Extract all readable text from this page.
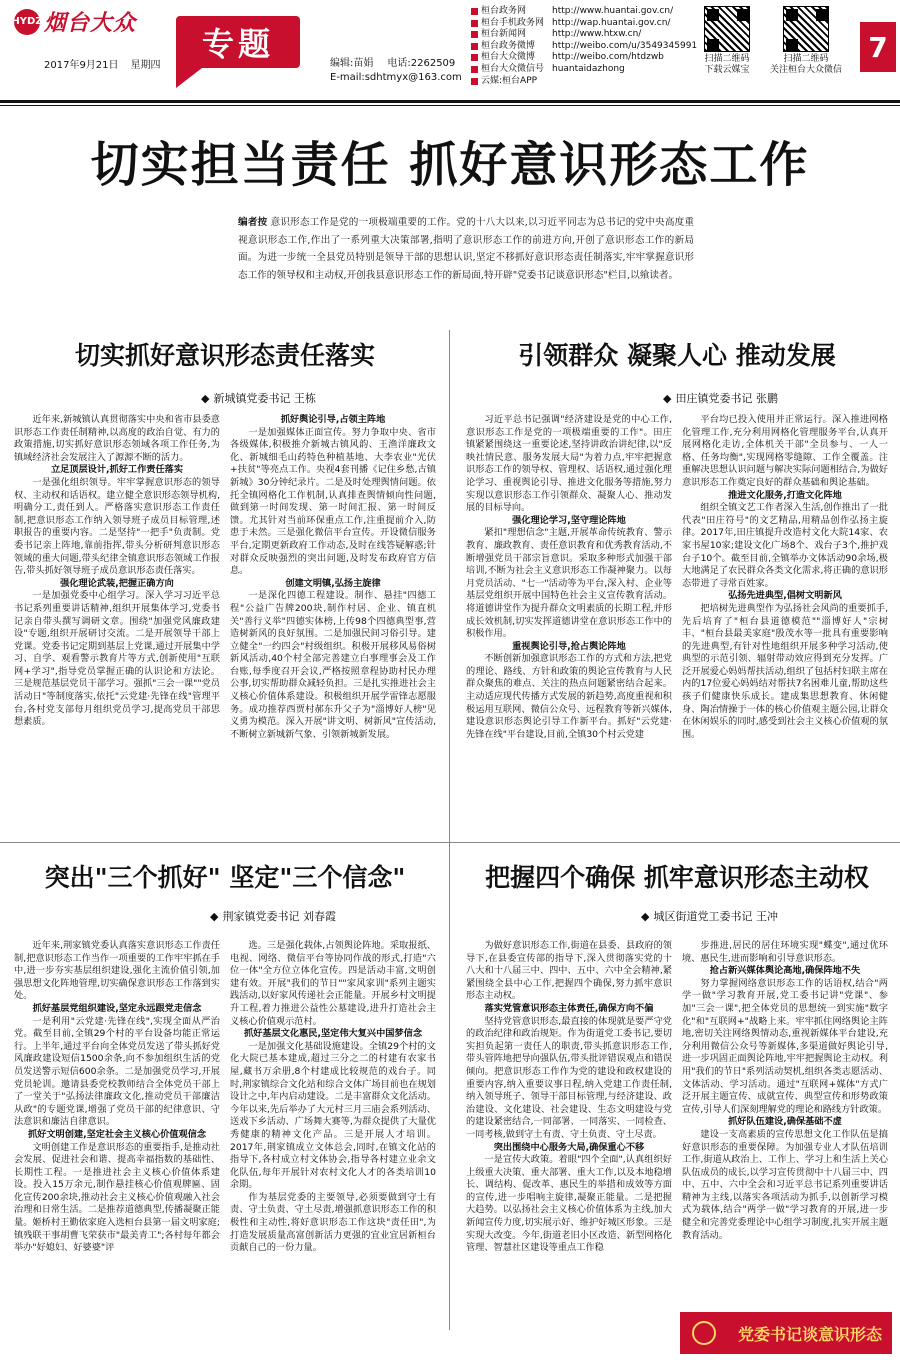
HYDZ 烟台大众
2017年9月21日 星期四
专题
编辑:苗娟 电话:2262509
E-mail:sdhtmyx@163.com
桓台政务网	http://www.huantai.gov.cn/
桓台手机政务网 http://wap.huantai.gov.cn/
桓台新闻网	http://www.htxw.cn/
桓台政务微博	http://weibo.com/u/3549345991
桓台大众微博	http://weibo.com/htdzwb
桓台大众微信号 huantaidazhong
云媒:桓台APP
扫描二维码
下载云媒宝
扫描二维码
关注桓台大众微信
7
切实担当责任 抓好意识形态工作
编者按 意识形态工作是党的一项极端重要的工作。党的十八大以来,以习近平同志为总书记的党中央高度重视意识形态工作,作出了一系列重大决策部署,指明了意识形态工作的前进方向,开创了意识形态工作的新局面。为进一步统一全县党员特别是领导干部的思想认识,坚定不移抓好意识形态责任制落实,牢牢掌握意识形态工作的领导权和主动权,开创我县意识形态工作的新局面,特开辟"党委书记谈意识形态"栏目,以飨读者。
切实抓好意识形态责任落实
◆ 新城镇党委书记 王栋

近年来,新城镇认真贯彻落实中央和省市县委意识形态工作责任制精神,以高度的政治自觉、有力的政策措施,切实抓好意识形态领域各项工作任务,为镇域经济社会发展注入了源源不断的活力。

立足顶层设计,抓好工作责任落实

一是强化组织领导。牢牢掌握意识形态的领导权、主动权和话语权。建立健全意识形态领导机构,明确分工,责任到人。严格落实意识形态工作责任制,把意识形态工作纳入领导班子成员目标管理,述职报告的重要内容。二是坚持"一把手"负责制。党委书记亲上阵地,靠前指挥,带头分析研判意识形态领域的重大问题,带头纪律全镇意识形态领域工作报告,带头抓好领导班子成员意识形态责任落实。

强化理论武装,把握正确方向

一是加强党委中心组学习。深入学习习近平总书记系列重要讲话精神,组织开展集体学习,党委书记亲自带头撰写调研文章。围绕"加强党风廉政建设"专题,组织开展研讨交流。二是开展领导干部上党课。党委书记定期到基层上党课,通过开展集中学习、自学、观看警示教育片等方式,创新使用"互联网+学习",指导党员掌握正确的认识论和方法论。三是规范基层党员干部学习。强抓"三会一课""党员活动日"等制度落实,依托"云党建·先锋在线"管理平台,各村党支部每月组织党员学习,提高党员干部思想素质。

抓好舆论引导,占领主阵地

一是加强媒体正面宣传。努力争取中央、省市各级媒体,积极推介新城古镇风韵、王渔洋廉政文化、新城细毛山药特色种植基地、大李农业"光伏+扶贫"等亮点工作。央视4套刊播《记住乡愁,古镇新城》30分钟纪录片。二是及时处理舆情问题。依托全镇网格化工作机制,认真排查舆情倾向性问题,做到第一时间发现、第一时间汇报、第一时间反馈。尤其针对当前环保重点工作,注重提前介入,防患于未然。三是强化微信平台宣传。开设微信服务平台,定期更新政府工作动态,及时在线答疑解惑;针对群众反映强烈的突出问题,及时发布政府官方信息。

创建文明镇,弘扬主旋律

一是深化四德工程建设。制作、悬挂"四德工程"公益广告牌200块,制作村居、企业、镇直机关"善行义举"四德实体榜,上传98个四德典型事,营造树新风的良好氛围。二是加强民间习俗引导。建立健全"一约四会"村级组织。积极开展移风易俗树新风活动,40个村全部完善建立白事理事会及工作台账,每季度召开会议,严格按照章程协助村民办理公事,切实帮助群众减轻负担。三是扎实推进社会主义核心价值体系建设。积极组织开展学雷锋志愿服务。成功推荐西贾村郝东升父子为"淄博好人榜"见义勇为模范。深入开展"讲文明、树新风"宣传活动,不断树立新城新气象、引领新城新发展。

引领群众 凝聚人心 推动发展
◆ 田庄镇党委书记 张鹏

习近平总书记强调"经济建设是党的中心工作,意识形态工作是党的一项极端重要的工作"。田庄镇紧紧围绕这一重要论述,坚持讲政治讲纪律,以"反映社情民意、服务发展大局"为着力点,牢牢把握意识形态工作的领导权、管理权、话语权,通过强化理论学习、重视舆论引导、推进文化服务等措施,努力实现以意识形态工作引领群众、凝聚人心、推动发展的目标导向。

强化理论学习,坚守理论阵地

紧扣"理想信念"主题,开展革命传统教育、警示教育、廉政教育、责任意识教育和优秀教育活动,不断增强党员干部宗旨意识。采取多种形式加强干部培训,不断为社会主义意识形态工作凝神聚力。以每月党员活动、"七一"活动等为平台,深入村、企业等基层党组织开展中国特色社会主义宣传教育活动。将道德讲堂作为提升群众文明素质的长期工程,并形成长效机制,切实发挥道德讲堂在意识形态工作中的积极作用。

重视舆论引导,抢占舆论阵地

不断创新加强意识形态工作的方式和方法,把党的理论、路线、方针和政策的舆论宣传教育与人民群众聚焦的难点、关注的热点问题紧密结合起来。主动适应现代传播方式发展的新趋势,高度重视和积极运用互联网、微信公众号、远程教育等新兴媒体,建设意识形态舆论引导工作新平台。抓好"云党建·先锋在线"平台建设,目前,全镇30个村云党建

平台均已投入使用并正常运行。深入推进网格化管理工作,充分利用网格化管理服务平台,认真开展网格化走访,全体机关干部"全员参与、一人一格、任务均衡",实现网格零缝隙、工作全覆盖。注重解决思想认识问题与解决实际问题相结合,为做好意识形态工作奠定良好的群众基础和舆论基础。

推进文化服务,打造文化阵地

组织全镇文艺工作者深入生活,创作推出了一批代表"田庄符号"的文艺精品,用精品创作弘扬主旋律。2017年,田庄镇提升改造村文化大院14家、农家书屋10家;建设文化广场8个、戏台子3个,推护戏台子10个。截至目前,全镇举办文体活动90余场,极大地满足了农民群众各类文化需求,将正确的意识形态带进了寻常百姓家。

弘扬先进典型,倡树文明新风

把培树先进典型作为弘扬社会风尚的重要抓手,先后培育了"桓台县道德模范""淄博好人"宗树丰、"桓台县最美家庭"殷茂水等一批具有重要影响的先进典型,有针对性地组织开展多种学习活动,使典型的示范引领、辐射带动效应得到充分发挥。广泛开展爱心妈妈帮扶活动,组织了包括村妇联主席在内的17位爱心妈妈结对帮扶7名困难儿童,帮助这些孩子们健康快乐成长。建成集思想教育、休闲健身、陶冶情操于一体的核心价值观主题公园,让群众在休闲娱乐的同时,感受到社会主义核心价值观的氛围。

突出"三个抓好" 坚定"三个信念"
◆ 荆家镇党委书记 刘春霞

近年来,荆家镇党委认真落实意识形态工作责任制,把意识形态工作当作一项重要的工作牢牢抓在手中,进一步夯实基层组织建设,强化主流价值引领,加强思想文化阵地管理,切实确保意识形态工作落到实处。

抓好基层党组织建设,坚定永远跟党走信念

一是利用"云党建·先锋在线",实现全面从严治党。截至目前,全镇29个村的平台设备均能正常运行。上半年,通过平台向全体党员发送了带头抓好党风廉政建设短信1500余条,向不参加组织生活的党员发送警示短信600余条。二是加强党员学习,开展党员轮训。邀请县委党校教师结合全体党员干部上了一堂关于"弘扬法律廉政文化,推动党员干部廉洁从政"的专题党课,增强了党员干部的纪律意识、守法意识和廉洁自律意识。

抓好文明创建,坚定社会主义核心价值观信念

文明创建工作是意识形态的重要指手,是推动社会发展、促进社会和谐、提高幸福指数的基础性、长期性工程。一是推进社会主义核心价值体系建设。投入15万余元,制作悬挂核心价值观牌匾、固化宣传200余块,推动社会主义核心价值观融入社会治理和日常生活。二是推荐道德典型,传播凝聚正能量。姬桥村王勤依家庭入选桓台县第一届文明家庭;镇残联干事胡曹飞荣获市"最美青工";各村每年都会举办"好媳妇、好婆婆"评

选。三是强化载体,占领舆论阵地。采取报纸、电视、网络、微信平台等协同作战的形式,打造"六位一体"全方位立体化宣传。四是活动丰富,文明创建有效。开展"我们的节日""家风家训"系列主题实践活动,以好家风传递社会正能量。开展乡村文明提升工程,着力推进公益性公墓建设,进升打造社会主义核心价值观示范村。

抓好基层文化惠民,坚定伟大复兴中国梦信念

一是加强文化基础设施建设。全镇29个村的文化大院已基本建成,超过三分之二的村建有农家书屋,藏书万余册,8个村建成比较规范的戏台子。同时,荆家镇综合文化站和综合文体广场目前也在规划设计之中,年内启动建设。二是丰富群众文化活动。今年以来,先后举办了大元村三月三庙会系列活动、送戏下乡活动、广场舞大赛等,为群众提供了大量优秀健康的精神文化产品。三是开展人才培训。2017年,荆家镇成立文体总会,同时,在镇文化站的指导下,各村成立村文体协会,指导各村建立业余文化队伍,每年开展针对农村文化人才的各类培训10余期。

作为基层党委的主要领导,必须要做到守土有责、守土负责、守土尽责,增强抓意识形态工作的积极性和主动性,将好意识形态工作这块"责任田",为打造发展质量高富创新活力更强的宜业宜居新桓台贡献自己的一份力量。

把握四个确保 抓牢意识形态主动权
◆ 城区街道党工委书记 王冲

为做好意识形态工作,街道在县委、县政府的领导下,在县委宣传部的指导下,深入贯彻落实党的十八大和十八届三中、四中、五中、六中全会精神,紧紧围绕全县中心工作,把握四个确保,努力抓牢意识形态主动权。

落实党管意识形态主体责任,确保方向不偏

坚持党管意识形态,最直接的体现就是要严守党的政治纪律和政治规矩。作为街道党工委书记,要切实担负起第一责任人的职责,带头抓意识形态工作,带头管阵地把导向强队伍,带头批评错误观点和错误倾向。把意识形态工作作为党的建设和政权建设的重要内容,纳入重要议事日程,纳入党建工作责任制,纳入领导班子、领导干部目标管理,与经济建设、政治建设、文化建设、社会建设、生态文明建设与党的建设紧密结合,一同部署、一同落实、一同检查、一同考核,做到守土有责、守土负责、守土尽责。

突出围绕中心服务大局,确保重心不移

一是宣传大政策。着眼"四个全面",认真组织好上级重大决策、重大部署、重大工作,以及本地稳增长、调结构、促改革、惠民生的举措和成效等方面的宣传,进一步唱响主旋律,凝聚正能量。二是把握大趋势。以弘扬社会主义核心价值体系为主线,加大新闻宣传力度,切实展示好、维护好城区形象。三是实现大改变。今年,街道老旧小区改造、新型网格化管理、智慧社区建设等重点工作稳

步推进,居民的居住环境实现"蝶变",通过优环境、惠民生,进而影响和引导意识形态。

抢占新兴媒体舆论高地,确保阵地不失

努力掌握网络意识形态工作的话语权,结合"两学一做"学习教育开展,党工委书记讲"党课"、参加"三会一课",把全体党员的思想统一到实施"数字化"和"互联网+"战略上来。牢牢抓住网络舆论主阵地,密切关注网络舆情动态,重视新媒体平台建设,充分利用微信公众号等新媒体,多渠道做好舆论引导,进一步巩固正面舆论阵地,牢牢把握舆论主动权。利用"我们的节日"系列活动契机,组织各类志愿活动、文体活动、学习活动。通过"互联网+媒体"方式广泛开展主题宣传、成就宣传、典型宣传和形势政策宣传,引导人们深刻理解党的理论和路线方针政策。

抓好队伍建设,确保基础不虚

建设一支高素质的宣传思想文化工作队伍是搞好意识形态的重要保障。为加强专业人才队伍培训工作,街道从政治上、工作上、学习上和生活上关心队伍成员的成长,以学习宣传贯彻中十八届三中、四中、五中、六中全会和习近平总书记系列重要讲话精神为主线,以落实各项活动为抓手,以创新学习模式为载体,结合"两学一做"学习教育的开展,进一步健全和完善党委理论中心组学习制度,扎实开展主题教育活动。

党委书记谈意识形态
